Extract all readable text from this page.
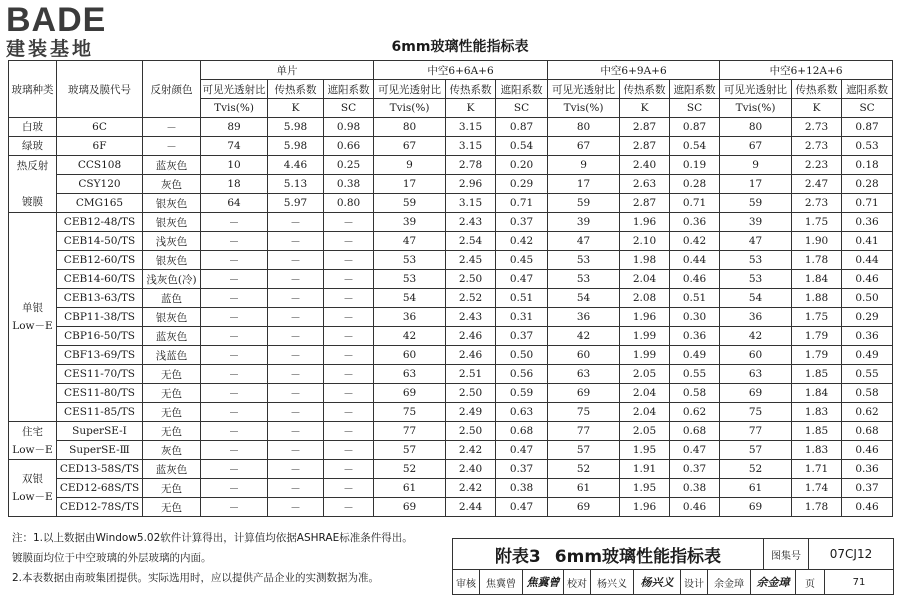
BADE
建装基地	6mm玻璃性能指标表
玻璃种类	玻璃及膜代号	反射颜色	单片			中空6+6A+6			中空6+9A+6			中空6+12A+6		
			可见光透射比	传热系数	遮阳系数	可见光透射比	传热系数	遮阳系数	可见光透射比	传热系数	遮阳系数	可见光透射比	传热系数	遮阳系数
			Tvis(%)	K	SC	Tvis(%)	K	SC	Tvis(%)	K	SC	Tvis(%)	K	SC

白玻	6C	－	89	5.98	0.98	80	3.15	0.87	80	2.87	0.87	80	2.73	0.87

绿玻	6F	－	74	5.98	0.66	67	3.15	0.54	67	2.87	0.54	67	2.73	0.53

热反射
镀膜	CCS108	蓝灰色	10	4.46	0.25	9	2.78	0.20	9	2.40	0.19	9	2.23	0.18
	CSY120	灰色	18	5.13	0.38	17	2.96	0.29	17	2.63	0.28	17	2.47	0.28
	CMG165	银灰色	64	5.97	0.80	59	3.15	0.71	59	2.87	0.71	59	2.73	0.71

单银
Low－E	CEB12-48/TS	银灰色	－	－	－	39	2.43	0.37	39	1.96	0.36	39	1.75	0.36
	CEB14-50/TS	浅灰色	－	－	－	47	2.54	0.42	47	2.10	0.42	47	1.90	0.41
	CEB12-60/TS	银灰色	－	－	－	53	2.45	0.45	53	1.98	0.44	53	1.78	0.44
	CEB14-60/TS	浅灰色(冷)	－	－	－	53	2.50	0.47	53	2.04	0.46	53	1.84	0.46
	CEB13-63/TS	蓝色	－	－	－	54	2.52	0.51	54	2.08	0.51	54	1.88	0.50
	CBP11-38/TS	银灰色	－	－	－	36	2.43	0.31	36	1.96	0.30	36	1.75	0.29
	CBP16-50/TS	蓝灰色	－	－	－	42	2.46	0.37	42	1.99	0.36	42	1.79	0.36
	CBF13-69/TS	浅蓝色	－	－	－	60	2.46	0.50	60	1.99	0.49	60	1.79	0.49
	CES11-70/TS	无色	－	－	－	63	2.51	0.56	63	2.05	0.55	63	1.85	0.55
	CES11-80/TS	无色	－	－	－	69	2.50	0.59	69	2.04	0.58	69	1.84	0.58
	CES11-85/TS	无色	－	－	－	75	2.49	0.63	75	2.04	0.62	75	1.83	0.62

住宅
Low－E	SuperSE-Ⅰ	无色	－	－	－	77	2.50	0.68	77	2.05	0.68	77	1.85	0.68
	SuperSE-Ⅲ	灰色	－	－	－	57	2.42	0.47	57	1.95	0.47	57	1.83	0.46

双银
Low－E	CED13-58S/TS	蓝灰色	－	－	－	52	2.40	0.37	52	1.91	0.37	52	1.71	0.36
	CED12-68S/TS	无色	－	－	－	61	2.42	0.38	61	1.95	0.38	61	1.74	0.37
	CED12-78S/TS	无色	－	－	－	69	2.44	0.47	69	1.96	0.46	69	1.78	0.46
注：1.以上数据由Window5.02软件计算得出，计算值均依据ASHRAE标准条件得出。
镀膜面均位于中空玻璃的外层玻璃的内面。
2.本表数据由南玻集团提供。实际选用时，应以提供产品企业的实测数据为准。
附表3 6mm玻璃性能指标表	图集号	07CJ12
审核	焦冀曾 焦冀曾 校对	杨兴义	杨兴义	设计	余金璋	余金璋	页	71
